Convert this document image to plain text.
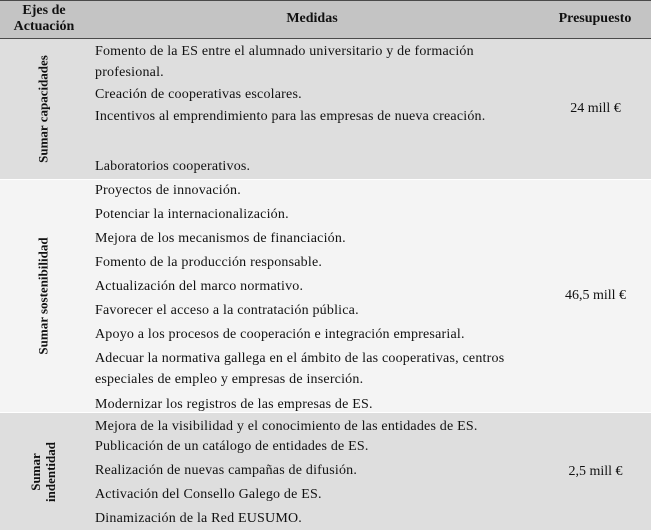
Ejes de Actuación
Medidas	Presupuesto
Sumar capacidades
Fomento de la ES entre el alumnado universitario y de formación profesional.
Creación de cooperativas escolares.
Incentivos al emprendimiento para las empresas de nueva creación.
Laboratorios cooperativos.
24 mill €
Sumar sostenibilidad
Proyectos de innovación.
Potenciar la internacionalización.
Mejora de los mecanismos de financiación.
Fomento de la producción responsable.
Actualización del marco normativo.
Favorecer el acceso a la contratación pública.
Apoyo a los procesos de cooperación e integración empresarial.
Adecuar la normativa gallega en el ámbito de las cooperativas, centros especiales de empleo y empresas de inserción.
Modernizar los registros de las empresas de ES.
46,5 mill €
Sumar indentidad
Mejora de la visibilidad y el conocimiento de las entidades de ES.
Publicación de un catálogo de entidades de ES.
Realización de nuevas campañas de difusión.
Activación del Consello Galego de ES.
Dinamización de la Red EUSUMO.
2,5 mill €
